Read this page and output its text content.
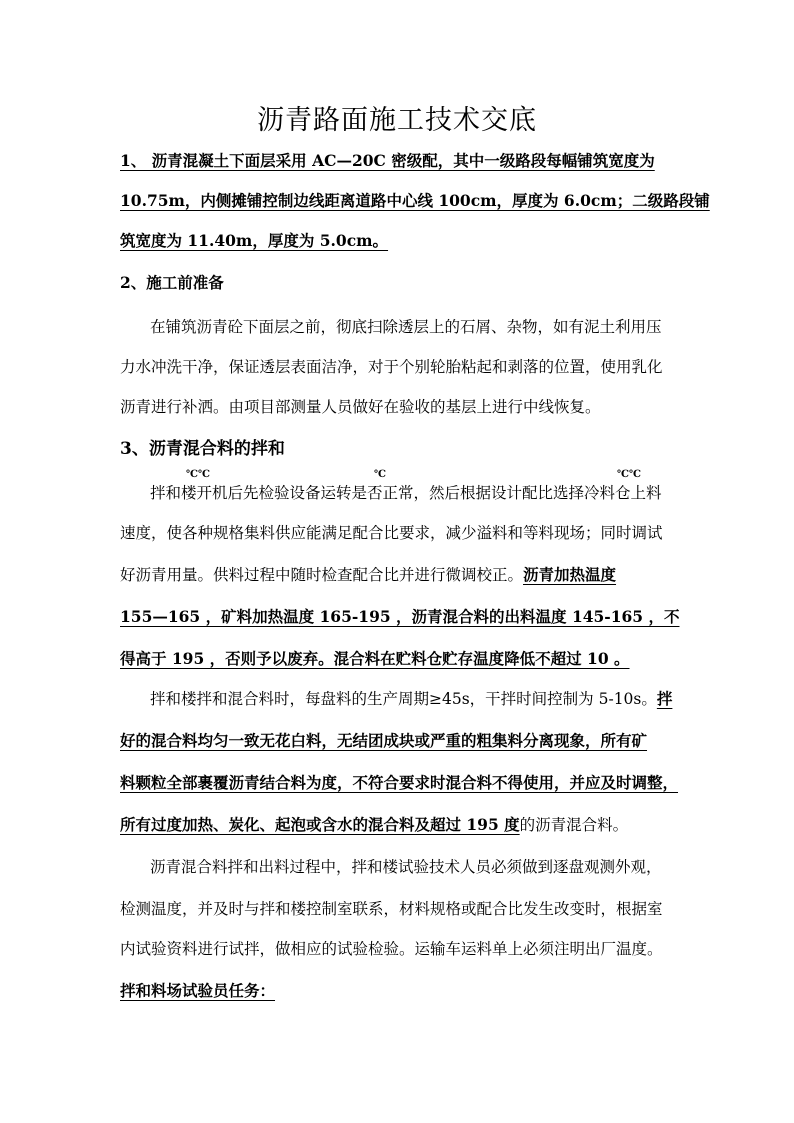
沥青路面施工技术交底
1、 沥青混凝土下面层采用 AC—20C 密级配，其中一级路段每幅铺筑宽度为
10.75m，内侧摊铺控制边线距离道路中心线 100cm，厚度为 6.0cm；二级路段铺
筑宽度为 11.40m，厚度为 5.0cm。
2、施工前准备
在铺筑沥青砼下面层之前，彻底扫除透层上的石屑、杂物，如有泥土利用压
力水冲洗干净，保证透层表面洁净，对于个别轮胎粘起和剥落的位置，使用乳化
沥青进行补洒。由项目部测量人员做好在验收的基层上进行中线恢复。
3、沥青混合料的拌和
℃℃	℃	℃℃
拌和楼开机后先检验设备运转是否正常，然后根据设计配比选择冷料仓上料
速度，使各种规格集料供应能满足配合比要求，减少溢料和等料现场；同时调试
好沥青用量。供料过程中随时检查配合比并进行微调校正。沥青加热温度
155—165 ，矿料加热温度 165-195 ，沥青混合料的出料温度 145-165 ，不
得高于 195 ，否则予以废弃。混合料在贮料仓贮存温度降低不超过 10 。
拌和楼拌和混合料时，每盘料的生产周期≥45s，干拌时间控制为 5-10s。拌
好的混合料均匀一致无花白料，无结团成块或严重的粗集料分离现象，所有矿
料颗粒全部裹覆沥青结合料为度，不符合要求时混合料不得使用，并应及时调整，
所有过度加热、炭化、起泡或含水的混合料及超过 195 度的沥青混合料。
沥青混合料拌和出料过程中，拌和楼试验技术人员必须做到逐盘观测外观，
检测温度，并及时与拌和楼控制室联系，材料规格或配合比发生改变时，根据室
内试验资料进行试拌，做相应的试验检验。运输车运料单上必须注明出厂温度。
拌和料场试验员任务：
